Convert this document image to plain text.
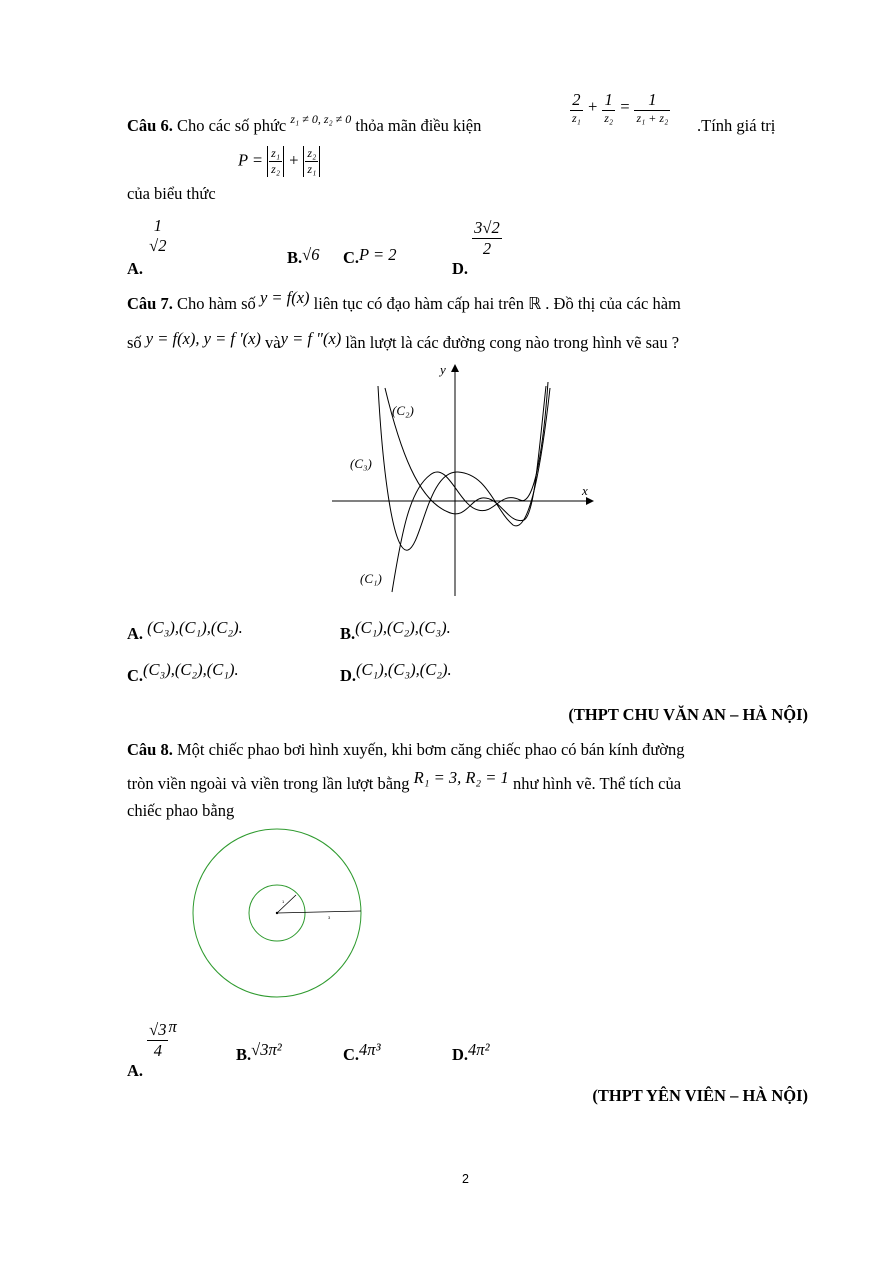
$\frac{2}{\text{z₁}} + \frac{1}{\text{z₂}} = \frac{1}{\text{z₁ + z₂}}$
Câu 6. Cho các số phức $^{z_1 \ne 0, z_2 \ne 0}$ thỏa mãn điều kiện	.Tính giá trị
$P = \frac{\text{z₁}}{\text{z₂}} + \frac{\text{z₂}}{\text{z₁}}$
của biểu thức
A.
1
√2
B.√6 C.P = 2
D.
$\frac{3√2}{2}$
Câu 7. Cho hàm số y = f(x) liên tục có đạo hàm cấp hai trên ℝ . Đồ thị của các hàm
số y = f(x), y = f '(x) vày = f "(x) lần lượt là các đường cong nào trong hình vẽ sau ?
x
y
(C₂)
(C₃)
(C₁)
A. (C₃),(C₁),(C₂).	B.(C₁),(C₂),(C₃).
C.(C₃),(C₂),(C₁).	D.(C₁),(C₃),(C₂).
(THPT CHU VĂN AN – HÀ NỘI)
Câu 8. Một chiếc phao bơi hình xuyến, khi bơm căng chiếc phao có bán kính đường
tròn viền ngoài và viền trong lần lượt bằng R₁ = 3, R₂ = 1 như hình vẽ. Thể tích của
chiếc phao bằng
1
3
A.
$\frac{√3}{4}$ π
B.√3π²	C.4π³	D.4π²
(THPT YÊN VIÊN – HÀ NỘI)
2
